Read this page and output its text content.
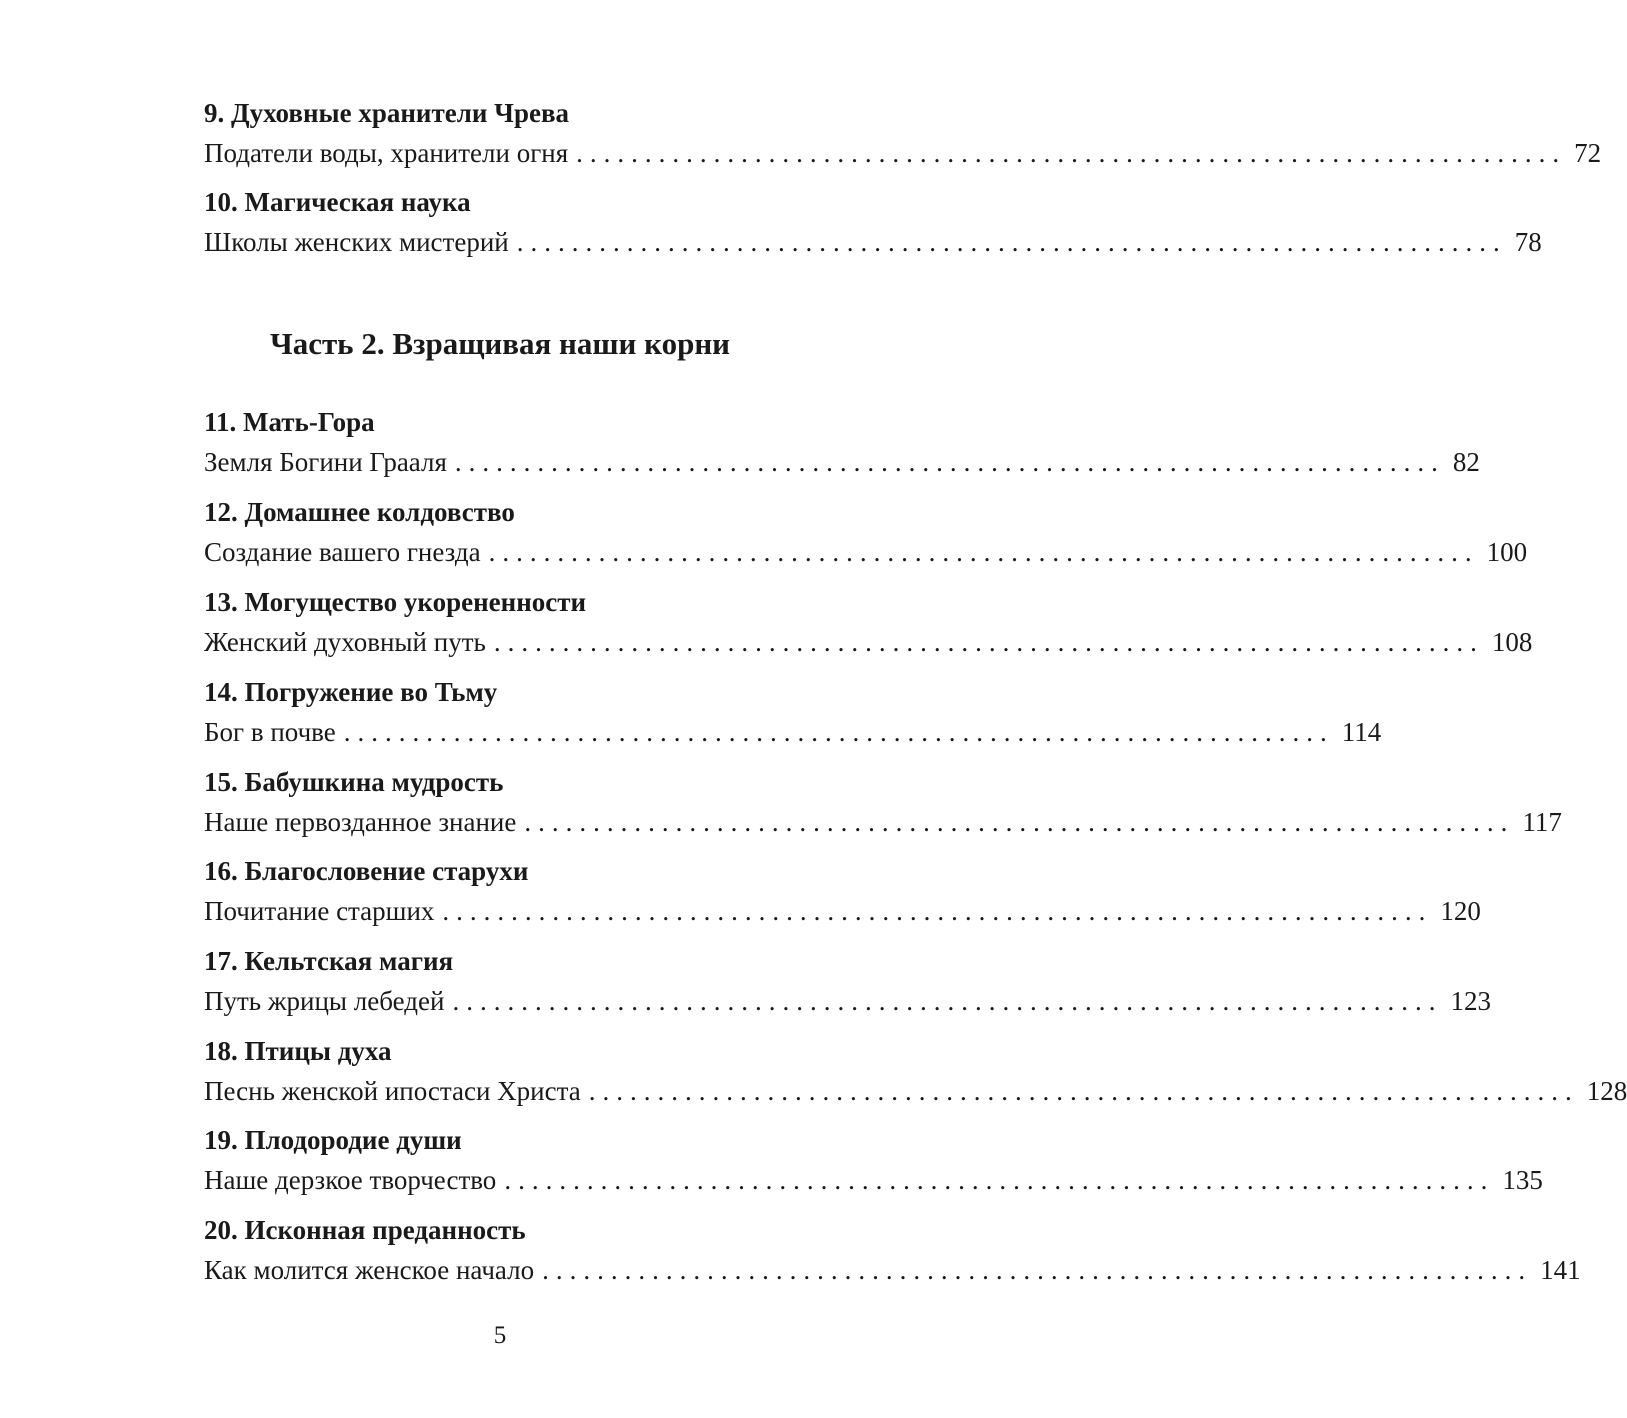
9. Духовные хранители Чрева
Податели воды, хранители огня ........................................................................ 72
10. Магическая наука
Школы женских мистерий ........................................................................ 78
Часть 2. Взращивая наши корни
11. Мать-Гора
Земля Богини Грааля ........................................................................ 82
12. Домашнее колдовство
Создание вашего гнезда ........................................................................ 100
13. Могущество укорененности
Женский духовный путь ........................................................................ 108
14. Погружение во Тьму
Бог в почве ........................................................................ 114
15. Бабушкина мудрость
Наше первозданное знание ........................................................................ 117
16. Благословение старухи
Почитание старших ........................................................................ 120
17. Кельтская магия
Путь жрицы лебедей ........................................................................ 123
18. Птицы духа
Песнь женской ипостаси Христа ........................................................................ 128
19. Плодородие души
Наше дерзкое творчество ........................................................................ 135
20. Исконная преданность
Как молится женское начало ........................................................................ 141
5
